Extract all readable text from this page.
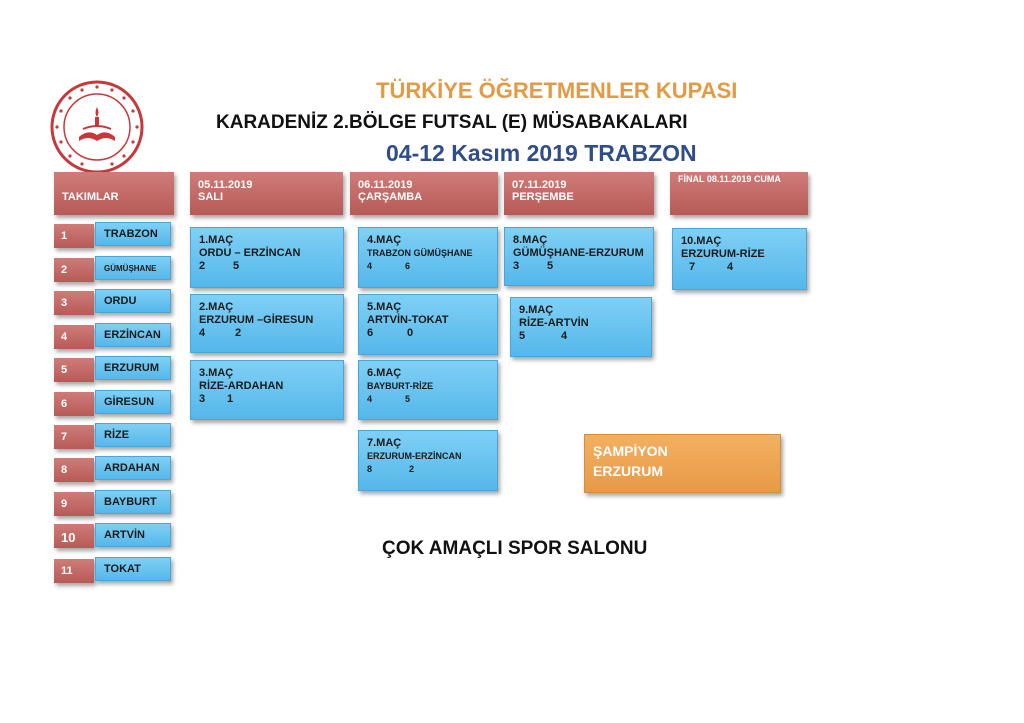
TÜRKİYE ÖĞRETMENLER KUPASI
KARADENİZ 2.BÖLGE FUTSAL (E) MÜSABAKALARI
04-12 Kasım 2019 TRABZON
TAKIMLAR
05.11.2019
SALI
06.11.2019
ÇARŞAMBA
07.11.2019
PERŞEMBE
FİNAL 08.11.2019 CUMA
1	TRABZON
2	GÜMÜŞHANE
3	ORDU
4	ERZİNCAN
5	ERZURUM
6	GİRESUN
7	RİZE
8	ARDAHAN
9	BAYBURT
10	ARTVİN
11	TOKAT
1.MAÇ
ORDU – ERZİNCAN
2	5
2.MAÇ
ERZURUM –GİRESUN
4	2
3.MAÇ
RİZE-ARDAHAN
3 1
4.MAÇ
TRABZON GÜMÜŞHANE
4	6
5.MAÇ
ARTVİN-TOKAT
6	0
6.MAÇ
BAYBURT-RİZE
4	5
7.MAÇ
ERZURUM-ERZİNCAN
8	2
8.MAÇ
GÜMÜŞHANE-ERZURUM
3	5
9.MAÇ
RİZE-ARTVİN
5	4
10.MAÇ
ERZURUM-RİZE
7	4
ŞAMPİYON
ERZURUM
ÇOK AMAÇLI SPOR SALONU
